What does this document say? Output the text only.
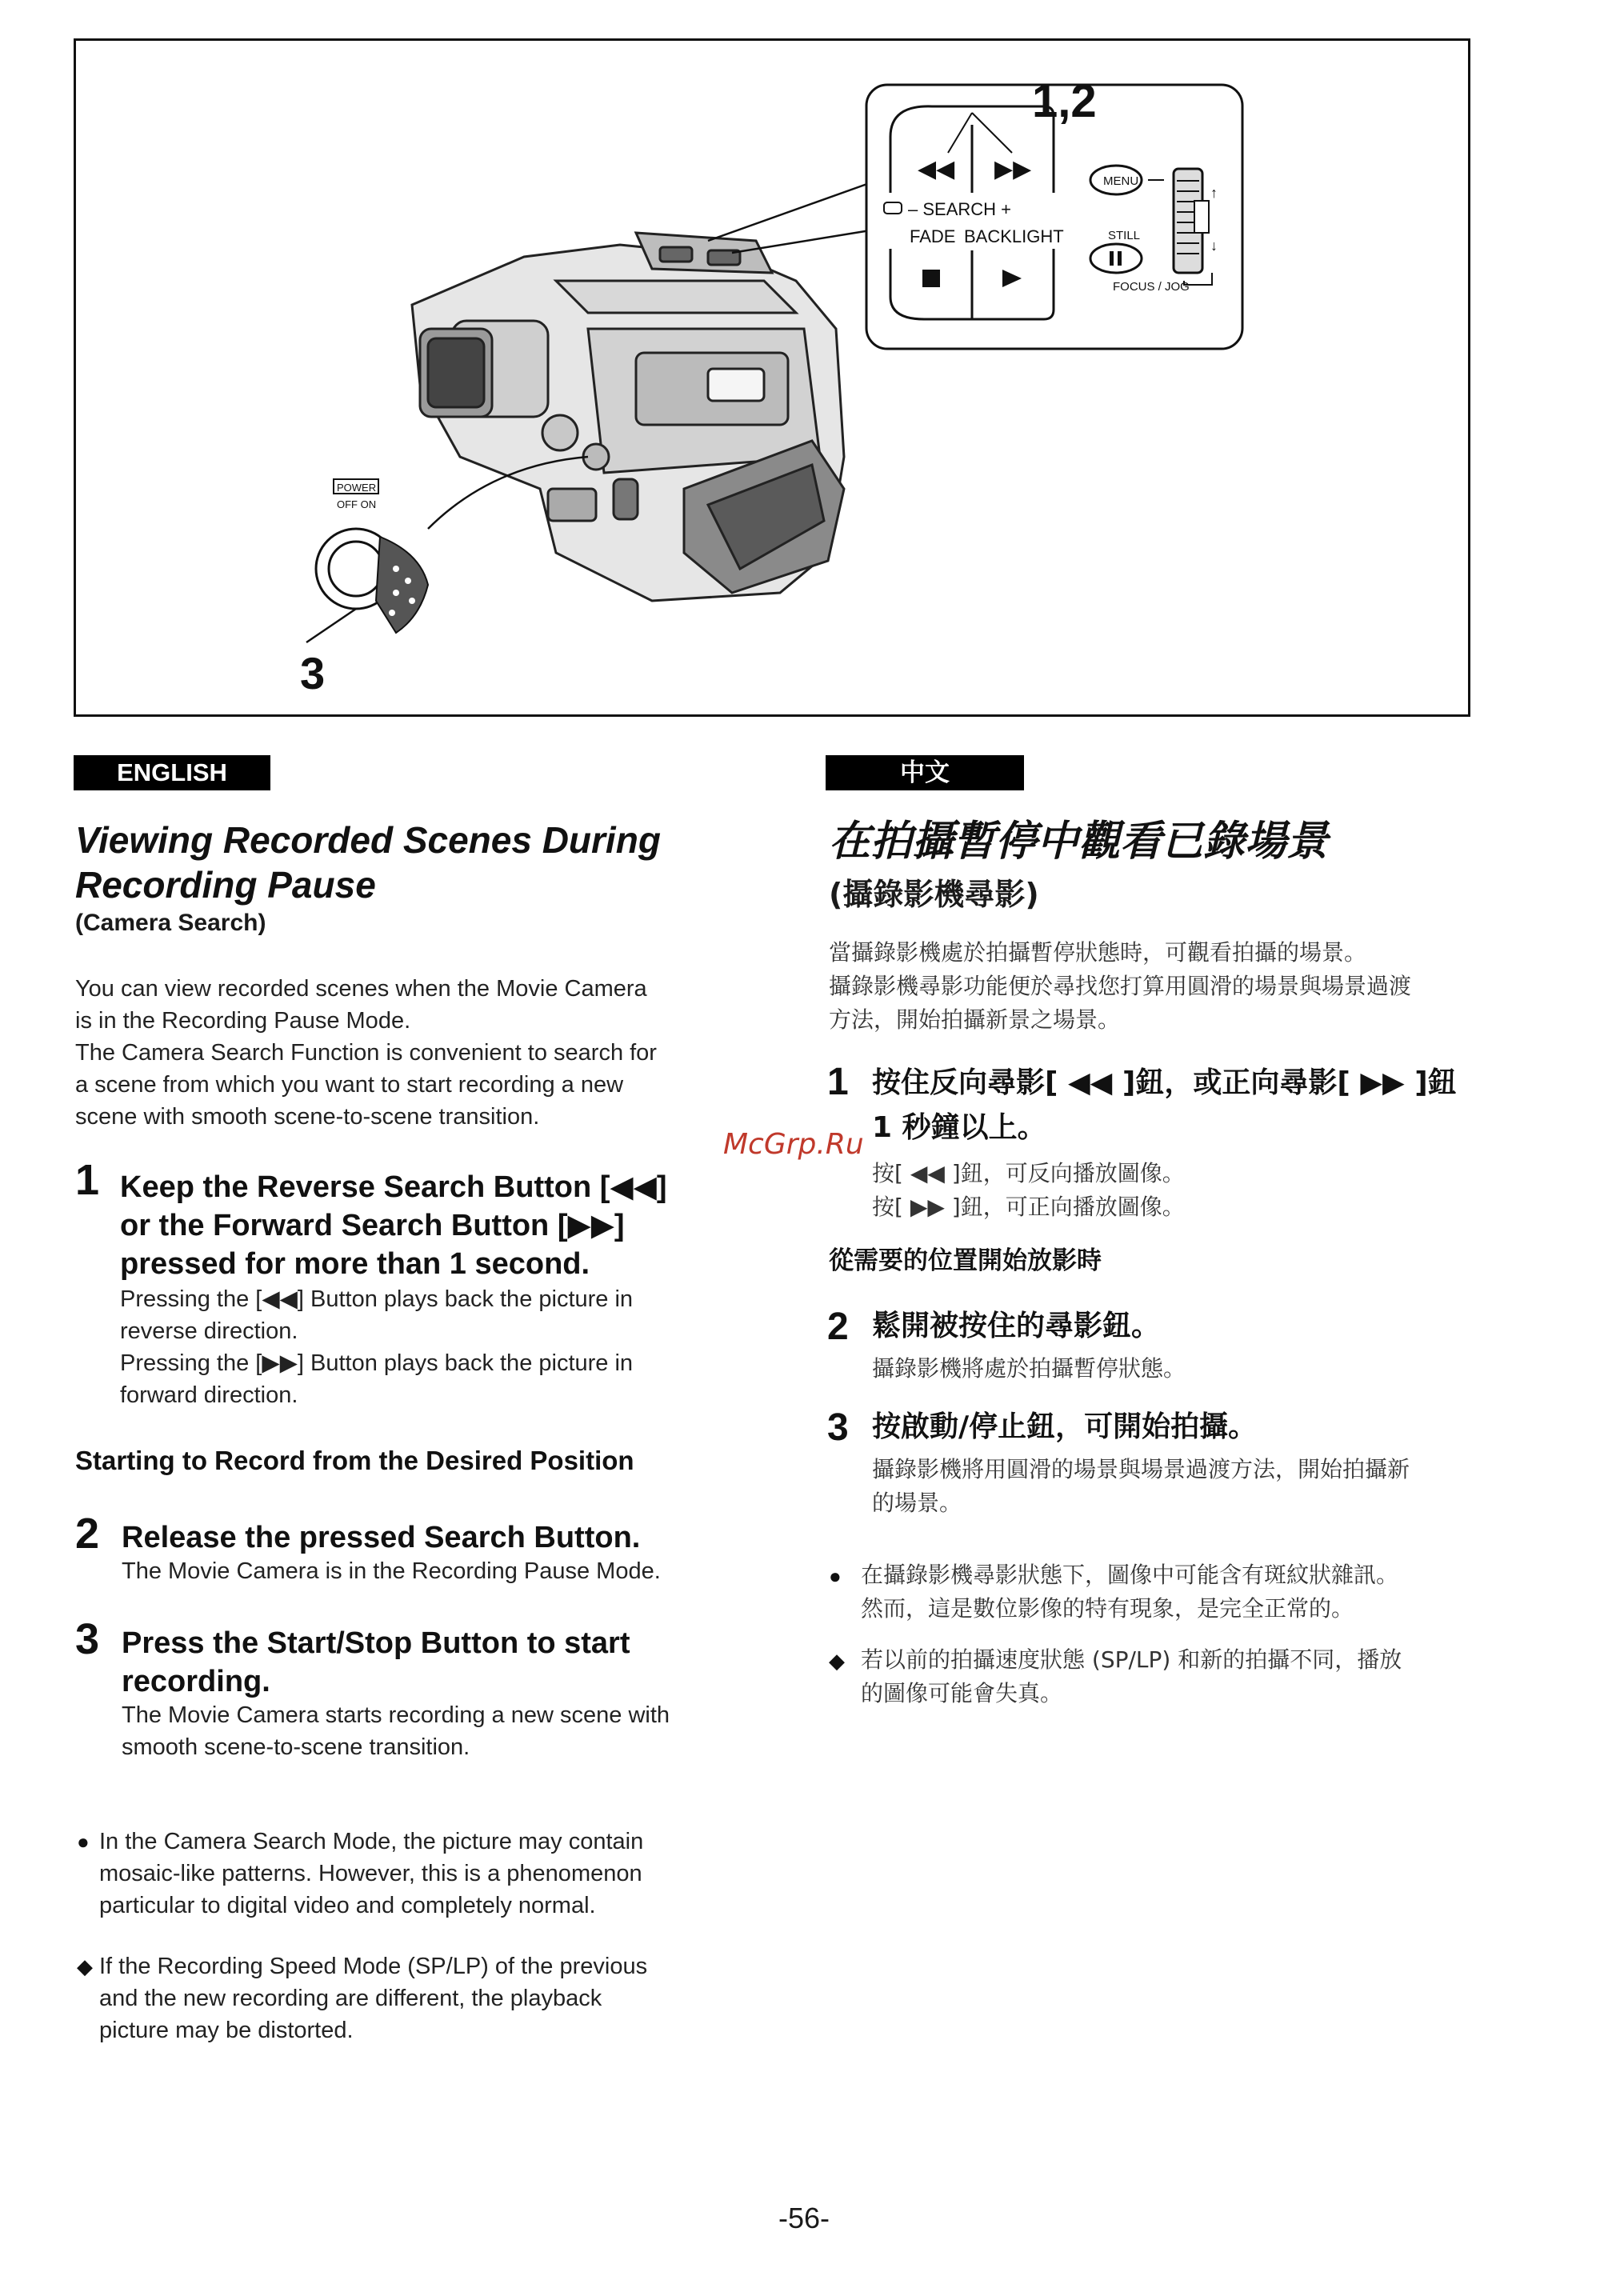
◀◀ ▶▶
– SEARCH +
FADE BACKLIGHT
MENU
↑
↓
STILL
FOCUS / JOG
1,2
3
POWER
OFF ON
ENGLISH
Viewing Recorded Scenes During
Recording Pause
(Camera Search)
You can view recorded scenes when the Movie Camera
is in the Recording Pause Mode.
The Camera Search Function is convenient to search for
a scene from which you want to start recording a new
scene with smooth scene-to-scene transition.
1 Keep the Reverse Search Button [◀◀]
or the Forward Search Button [▶▶]
pressed for more than 1 second.
Pressing the [◀◀] Button plays back the picture in
reverse direction.
Pressing the [▶▶] Button plays back the picture in
forward direction.
Starting to Record from the Desired Position
2 Release the pressed Search Button.
The Movie Camera is in the Recording Pause Mode.
3 Press the Start/Stop Button to start
recording.
The Movie Camera starts recording a new scene with
smooth scene-to-scene transition.
● In the Camera Search Mode, the picture may contain
mosaic-like patterns. However, this is a phenomenon
particular to digital video and completely normal.
◆ If the Recording Speed Mode (SP/LP) of the previous
and the new recording are different, the playback
picture may be distorted.
中文
在拍攝暫停中觀看已錄場景
(攝錄影機尋影)
當攝錄影機處於拍攝暫停狀態時，可觀看拍攝的場景。
攝錄影機尋影功能便於尋找您打算用圓滑的場景與場景過渡
方法，開始拍攝新景之場景。
1 按住反向尋影[ ◀◀ ]鈕，或正向尋影[ ▶▶ ]鈕
1 秒鐘以上。
按[ ◀◀ ]鈕，可反向播放圖像。
按[ ▶▶ ]鈕，可正向播放圖像。
從需要的位置開始放影時
2 鬆開被按住的尋影鈕。
攝錄影機將處於拍攝暫停狀態。
3 按啟動/停止鈕，可開始拍攝。
攝錄影機將用圓滑的場景與場景過渡方法，開始拍攝新
的場景。
● 在攝錄影機尋影狀態下，圖像中可能含有斑紋狀雜訊。
然而，這是數位影像的特有現象，是完全正常的。
◆ 若以前的拍攝速度狀態 (SP/LP) 和新的拍攝不同，播放
的圖像可能會失真。
McGrp.Ru
-56-
